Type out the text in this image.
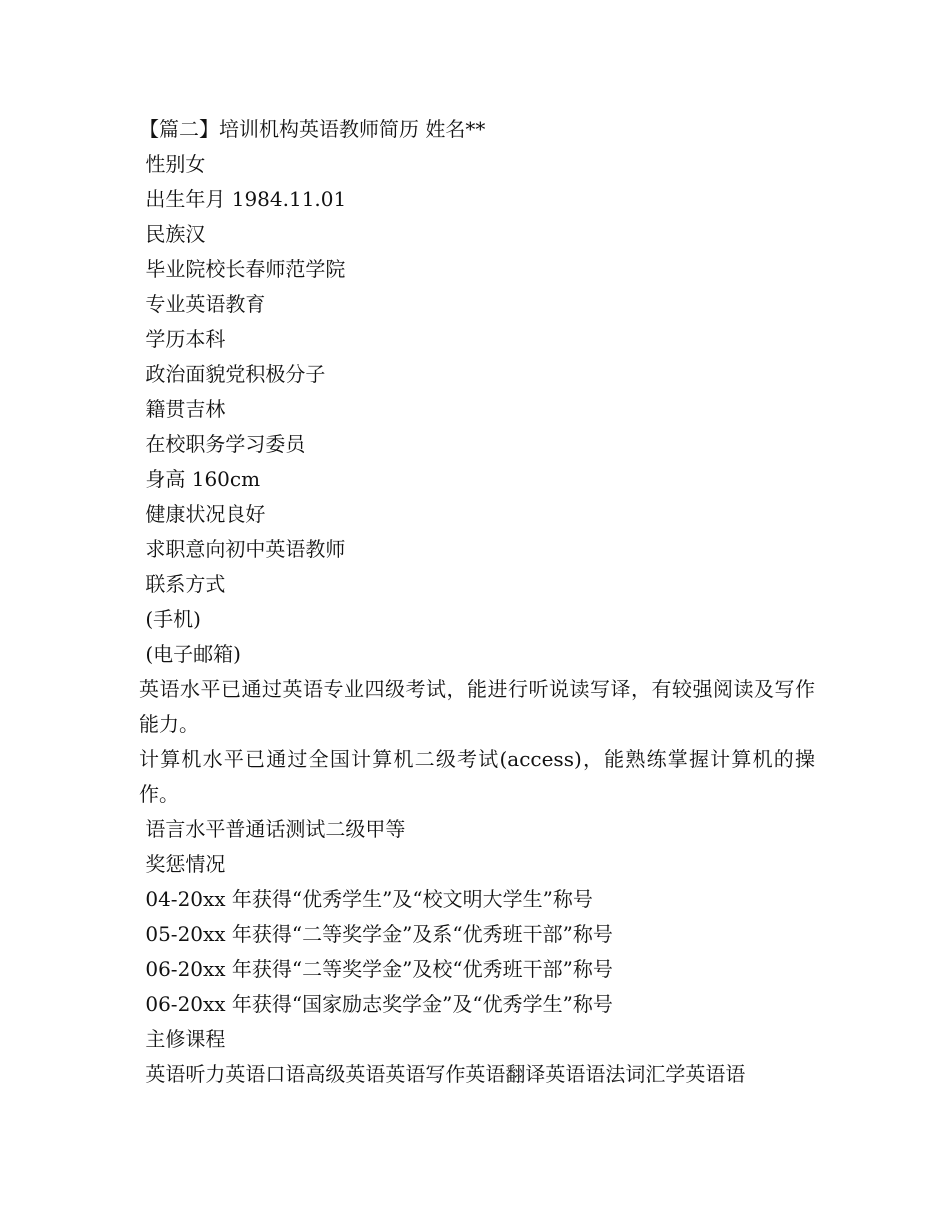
【篇二】培训机构英语教师简历 姓名**

性别女

出生年月 1984.11.01

民族汉

毕业院校长春师范学院

专业英语教育

学历本科

政治面貌党积极分子

籍贯吉林

在校职务学习委员

身高 160cm

健康状况良好

求职意向初中英语教师

联系方式

(手机)

(电子邮箱)

英语水平已通过英语专业四级考试，能进行听说读写译，有较强阅读及写作能力。

计算机水平已通过全国计算机二级考试(access)，能熟练掌握计算机的操作。

语言水平普通话测试二级甲等

奖惩情况

04-20xx 年获得“优秀学生”及“校文明大学生”称号

05-20xx 年获得“二等奖学金”及系“优秀班干部”称号

06-20xx 年获得“二等奖学金”及校“优秀班干部”称号

06-20xx 年获得“国家励志奖学金”及“优秀学生”称号

主修课程

英语听力英语口语高级英语英语写作英语翻译英语语法词汇学英语语
